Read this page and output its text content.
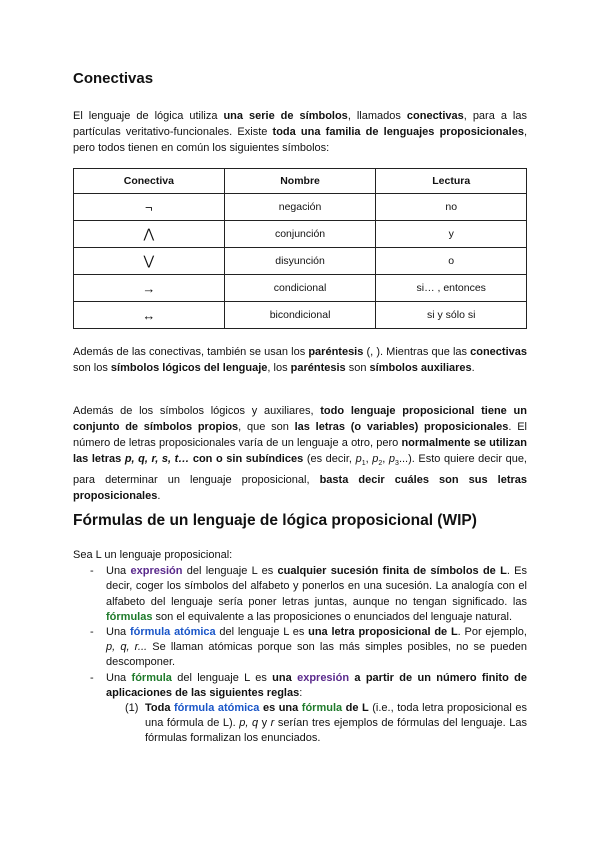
Conectivas

El lenguaje de lógica utiliza una serie de símbolos, llamados conectivas, para a las partículas veritativo-funcionales. Existe toda una familia de lenguajes proposicionales, pero todos tienen en común los siguientes símbolos:

Conectiva	Nombre	Lectura
¬	negación	no
⋀	conjunción	y
⋁	disyunción	o
→	condicional	si… , entonces
↔	bicondicional	si y sólo si

Además de las conectivas, también se usan los paréntesis (, ). Mientras que las conectivas son los símbolos lógicos del lenguaje, los paréntesis son símbolos auxiliares.

Además de los símbolos lógicos y auxiliares, todo lenguaje proposicional tiene un conjunto de símbolos propios, que son las letras (o variables) proposicionales. El número de letras proposicionales varía de un lenguaje a otro, pero normalmente se utilizan las letras p, q, r, s, t… con o sin subíndices (es decir, $p_1$, $p_2$, $p_3$...). Esto quiere decir que, para determinar un lenguaje proposicional, basta decir cuáles son sus letras proposicionales.

Fórmulas de un lenguaje de lógica proposicional (WIP)
Sea L un lenguaje proposicional:
- Una expresión del lenguaje L es cualquier sucesión finita de símbolos de L. Es decir, coger los símbolos del alfabeto y ponerlos en una sucesión. La analogía con el alfabeto del lenguaje sería poner letras juntas, aunque no tengan significado. las fórmulas son el equivalente a las proposiciones o enunciados del lenguaje natural.
- Una fórmula atómica del lenguaje L es una letra proposicional de L. Por ejemplo, p, q, r... Se llaman atómicas porque son las más simples posibles, no se pueden descomponer.
- Una fórmula del lenguaje L es una expresión a partir de un número finito de aplicaciones de las siguientes reglas:
(1) Toda fórmula atómica es una fórmula de L (i.e., toda letra proposicional es una fórmula de L). p, q y r serían tres ejemplos de fórmulas del lenguaje. Las fórmulas formalizan los enunciados.
